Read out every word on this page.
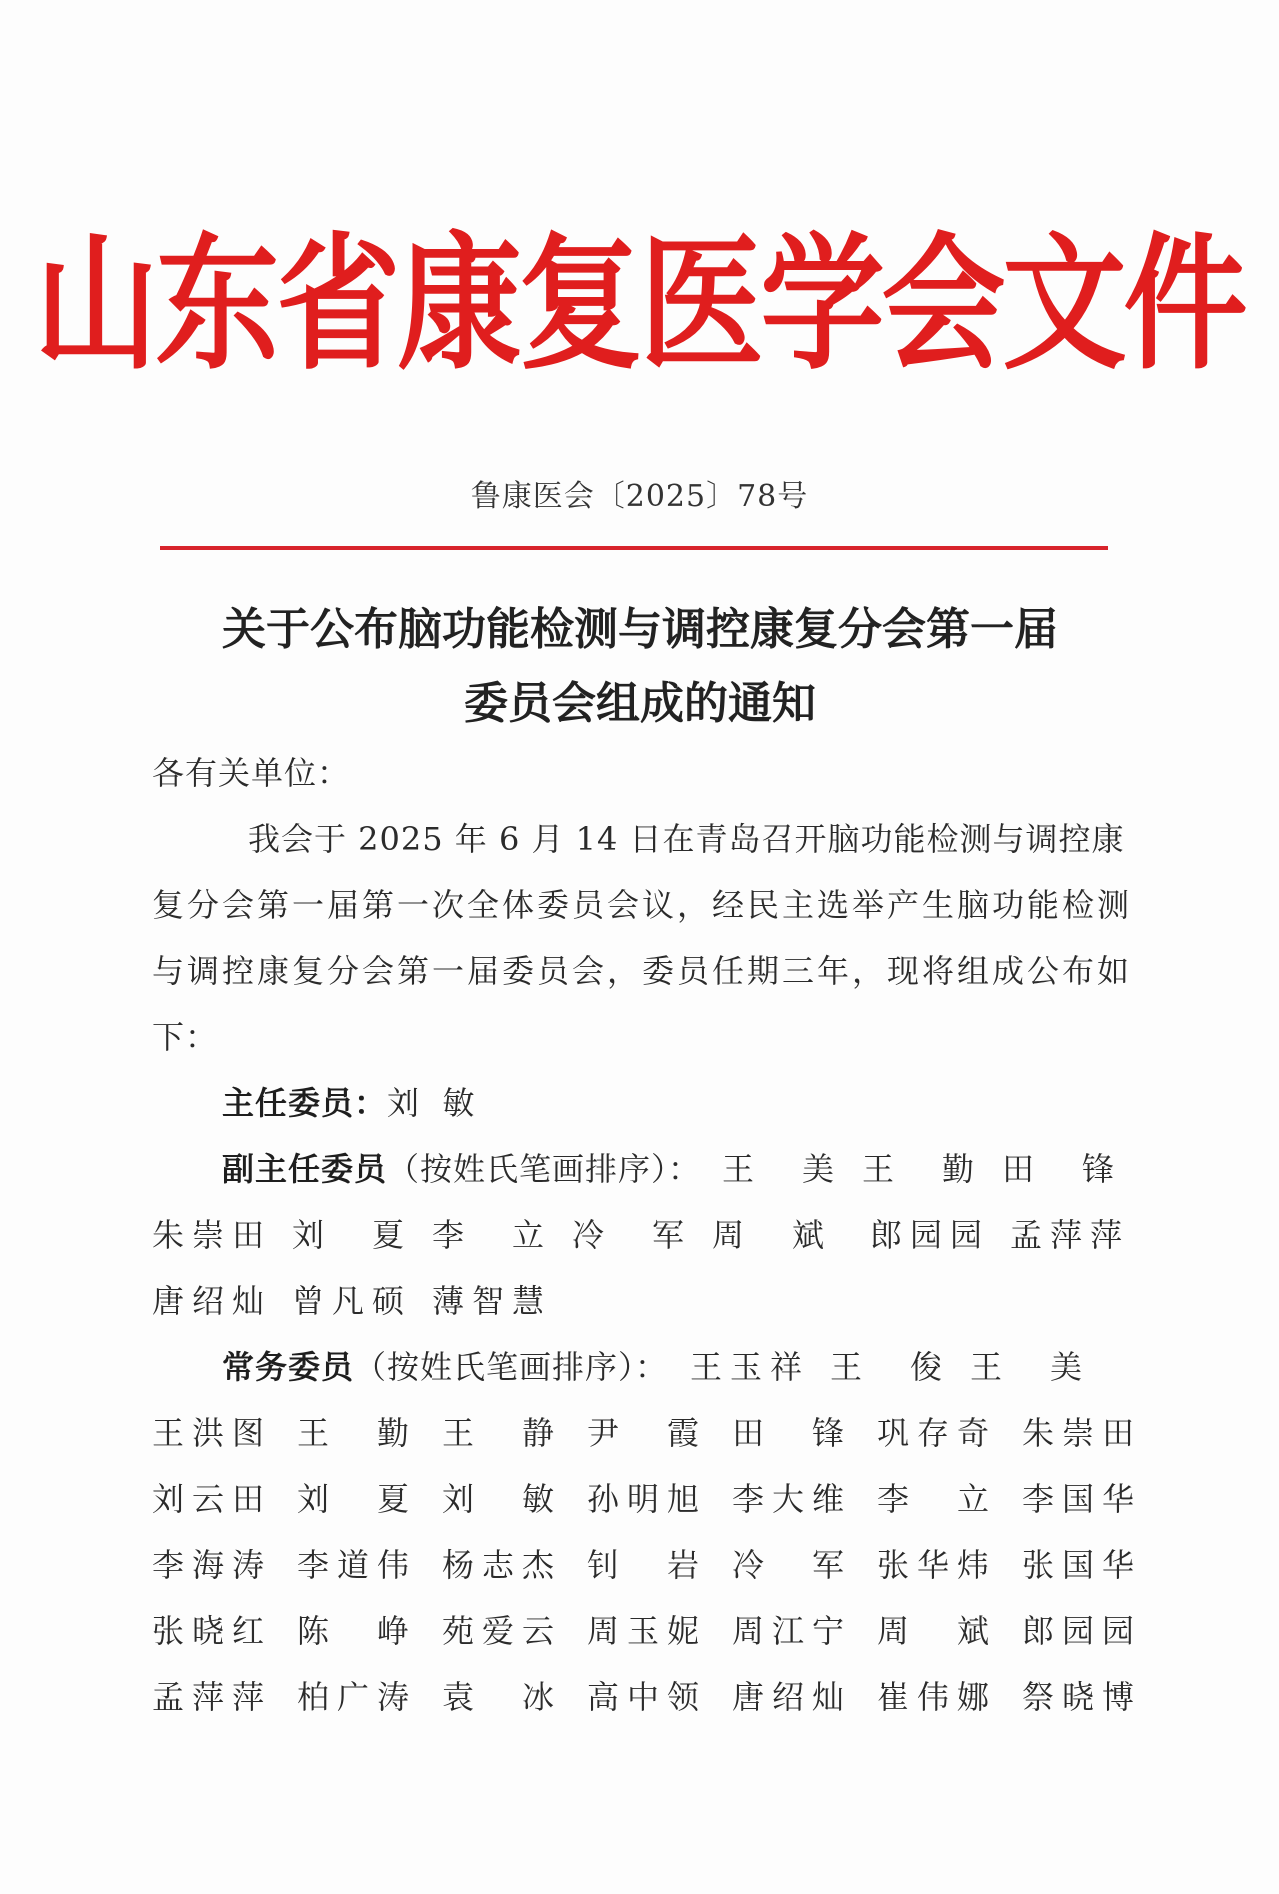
山东省康复医学会文件
鲁康医会〔2025〕78号
关于公布脑功能检测与调控康复分会第一届
委员会组成的通知
各有关单位：
我会于 2025 年 6 月 14 日在青岛召开脑功能检测与调控康
复分会第一届第一次全体委员会议，经民主选举产生脑功能检测
与调控康复分会第一届委员会，委员任期三年，现将组成公布如
下：
主任委员：刘  敏
副主任委员（按姓氏笔画排序）： 王 美 王 勤 田 锋
朱崇田 刘 夏 李 立 冷 军 周 斌 郎园园 孟萍萍
唐绍灿 曾凡硕 薄智慧
常务委员（按姓氏笔画排序）： 王玉祥 王 俊 王 美
王洪图 王 勤 王 静 尹 霞 田 锋 巩存奇 朱崇田
刘云田 刘 夏 刘 敏 孙明旭 李大维 李 立 李国华
李海涛 李道伟 杨志杰 钊 岩 冷 军 张华炜 张国华
张晓红 陈 峥 苑爱云 周玉妮 周江宁 周 斌 郎园园
孟萍萍 柏广涛 袁 冰 高中领 唐绍灿 崔伟娜 祭晓博
